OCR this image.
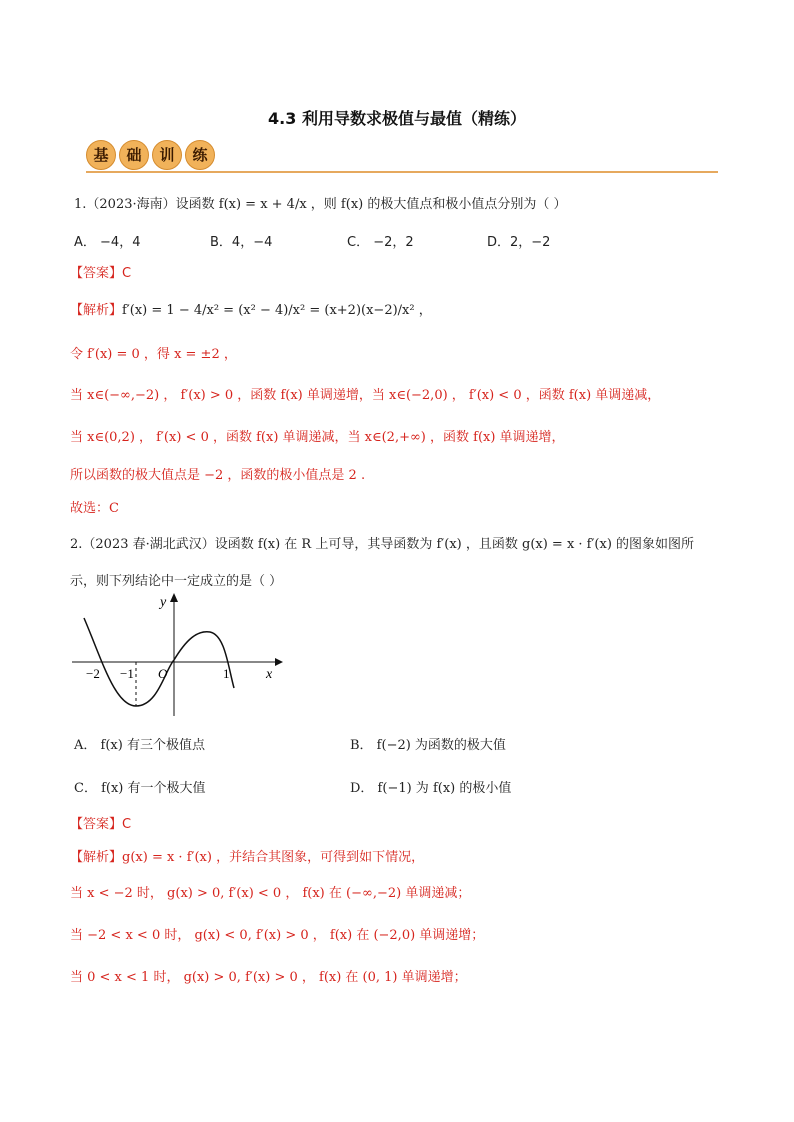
4.3 利用导数求极值与最值（精练）
基 础 训 练
1.（2023·海南）设函数 f(x) = x + 4/x ，则 f(x) 的极大值点和极小值点分别为（ ）
A． −4，4	B．4，−4	C． −2，2	D．2，−2
【答案】C
【解析】f′(x) = 1 − 4/x² = (x² − 4)/x² = (x+2)(x−2)/x² ，
令 f′(x) = 0 ，得 x = ±2 ，
当 x∈(−∞,−2) ， f′(x) > 0 ，函数 f(x) 单调递增，当 x∈(−2,0) ， f′(x) < 0 ，函数 f(x) 单调递减，
当 x∈(0,2) ， f′(x) < 0 ，函数 f(x) 单调递减，当 x∈(2,+∞) ，函数 f(x) 单调递增，
所以函数的极大值点是 −2 ，函数的极小值点是 2 .
故选：C
2.（2023 春·湖北武汉）设函数 f(x) 在 R 上可导，其导函数为 f′(x) ，且函数 g(x) = x · f′(x) 的图象如图所
示，则下列结论中一定成立的是（ ）
y
x
O
−2 −1	1
A． f(x) 有三个极值点	B． f(−2) 为函数的极大值
C． f(x) 有一个极大值	D． f(−1) 为 f(x) 的极小值
【答案】C
【解析】g(x) = x · f′(x) ，并结合其图象，可得到如下情况，
当 x < −2 时， g(x) > 0, f′(x) < 0 ， f(x) 在 (−∞,−2) 单调递减；
当 −2 < x < 0 时， g(x) < 0, f′(x) > 0 ， f(x) 在 (−2,0) 单调递增；
当 0 < x < 1 时， g(x) > 0, f′(x) > 0 ， f(x) 在 (0, 1) 单调递增；
